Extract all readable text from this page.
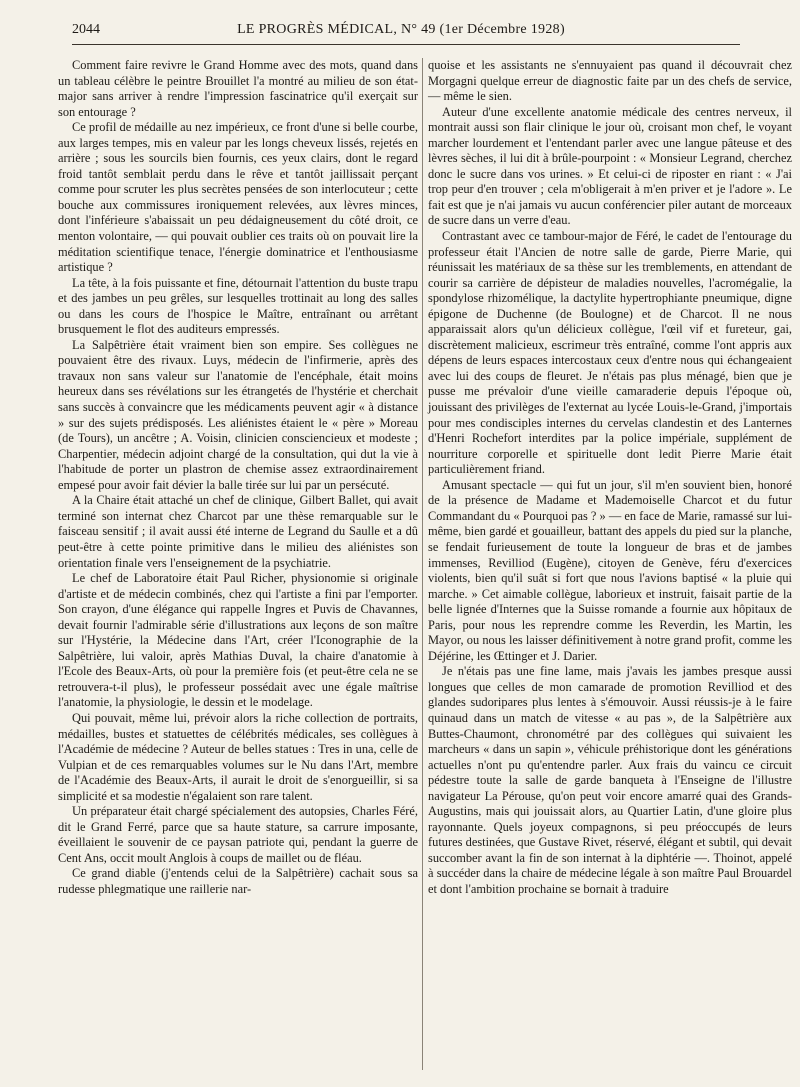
2044	LE PROGRÈS MÉDICAL, N° 49 (1er Décembre 1928)

Comment faire revivre le Grand Homme avec des mots, quand dans un tableau célèbre le peintre Brouillet l'a montré au milieu de son état-major sans arriver à rendre l'impression fascinatrice qu'il exerçait sur son entourage ?

Ce profil de médaille au nez impérieux, ce front d'une si belle courbe, aux larges tempes, mis en valeur par les longs cheveux lissés, rejetés en arrière ; sous les sourcils bien fournis, ces yeux clairs, dont le regard froid tantôt semblait perdu dans le rêve et tantôt jaillissait perçant comme pour scruter les plus secrètes pensées de son interlocuteur ; cette bouche aux commissures ironiquement relevées, aux lèvres minces, dont l'inférieure s'abaissait un peu dédaigneusement du côté droit, ce menton volontaire, — qui pouvait oublier ces traits où on pouvait lire la méditation scientifique tenace, l'énergie dominatrice et l'enthousiasme artistique ?

La tête, à la fois puissante et fine, détournait l'attention du buste trapu et des jambes un peu grêles, sur lesquelles trottinait au long des salles ou dans les cours de l'hospice le Maître, entraînant ou arrêtant brusquement le flot des auditeurs empressés.

La Salpêtrière était vraiment bien son empire. Ses collègues ne pouvaient être des rivaux. Luys, médecin de l'infirmerie, après des travaux non sans valeur sur l'anatomie de l'encéphale, était moins heureux dans ses révélations sur les étrangetés de l'hystérie et cherchait sans succès à convaincre que les médicaments peuvent agir « à distance » sur des sujets prédisposés. Les aliénistes étaient le « père » Moreau (de Tours), un ancêtre ; A. Voisin, clinicien consciencieux et modeste ; Charpentier, médecin adjoint chargé de la consultation, qui dut la vie à l'habitude de porter un plastron de chemise assez extraordinairement empesé pour avoir fait dévier la balle tirée sur lui par un persécuté.

A la Chaire était attaché un chef de clinique, Gilbert Ballet, qui avait terminé son internat chez Charcot par une thèse remarquable sur le faisceau sensitif ; il avait aussi été interne de Legrand du Saulle et a dû peut-être à cette pointe primitive dans le milieu des aliénistes son orientation finale vers l'enseignement de la psychiatrie.

Le chef de Laboratoire était Paul Richer, physionomie si originale d'artiste et de médecin combinés, chez qui l'artiste a fini par l'emporter. Son crayon, d'une élégance qui rappelle Ingres et Puvis de Chavannes, devait fournir l'admirable série d'illustrations aux leçons de son maître sur l'Hystérie, la Médecine dans l'Art, créer l'Iconographie de la Salpêtrière, lui valoir, après Mathias Duval, la chaire d'anatomie à l'Ecole des Beaux-Arts, où pour la première fois (et peut-être cela ne se retrouvera-t-il plus), le professeur possédait avec une égale maîtrise l'anatomie, la physiologie, le dessin et le modelage.

Qui pouvait, même lui, prévoir alors la riche collection de portraits, médailles, bustes et statuettes de célébrités médicales, ses collègues à l'Académie de médecine ? Auteur de belles statues : Tres in una, celle de Vulpian et de ces remarquables volumes sur le Nu dans l'Art, membre de l'Académie des Beaux-Arts, il aurait le droit de s'enorgueillir, si sa simplicité et sa modestie n'égalaient son rare talent.

Un préparateur était chargé spécialement des autopsies, Charles Féré, dit le Grand Ferré, parce que sa haute stature, sa carrure imposante, éveillaient le souvenir de ce paysan patriote qui, pendant la guerre de Cent Ans, occit moult Anglois à coups de maillet ou de fléau.

Ce grand diable (j'entends celui de la Salpêtrière) cachait sous sa rudesse phlegmatique une raillerie nar-

quoise et les assistants ne s'ennuyaient pas quand il découvrait chez Morgagni quelque erreur de diagnostic faite par un des chefs de service, — même le sien.

Auteur d'une excellente anatomie médicale des centres nerveux, il montrait aussi son flair clinique le jour où, croisant mon chef, le voyant marcher lourdement et l'entendant parler avec une langue pâteuse et des lèvres sèches, il lui dit à brûle-pourpoint : « Monsieur Legrand, cherchez donc le sucre dans vos urines. » Et celui-ci de riposter en riant : « J'ai trop peur d'en trouver ; cela m'obligerait à m'en priver et je l'adore ». Le fait est que je n'ai jamais vu aucun conférencier piler autant de morceaux de sucre dans un verre d'eau.

Contrastant avec ce tambour-major de Féré, le cadet de l'entourage du professeur était l'Ancien de notre salle de garde, Pierre Marie, qui réunissait les matériaux de sa thèse sur les tremblements, en attendant de courir sa carrière de dépisteur de maladies nouvelles, l'acromégalie, la spondylose rhizomélique, la dactylite hypertrophiante pneumique, digne épigone de Duchenne (de Boulogne) et de Charcot. Il ne nous apparaissait alors qu'un délicieux collègue, l'œil vif et fureteur, gai, discrètement malicieux, escrimeur très entraîné, comme l'ont appris aux dépens de leurs espaces intercostaux ceux d'entre nous qui échangeaient avec lui des coups de fleuret. Je n'étais pas plus ménagé, bien que je pusse me prévaloir d'une vieille camaraderie depuis l'époque où, jouissant des privilèges de l'externat au lycée Louis-le-Grand, j'importais pour mes condisciples internes du cervelas clandestin et des Lanternes d'Henri Rochefort interdites par la police impériale, supplément de nourriture corporelle et spirituelle dont ledit Pierre Marie était particulièrement friand.

Amusant spectacle — qui fut un jour, s'il m'en souvient bien, honoré de la présence de Madame et Mademoiselle Charcot et du futur Commandant du « Pourquoi pas ? » — en face de Marie, ramassé sur lui-même, bien gardé et gouailleur, battant des appels du pied sur la planche, se fendait furieusement de toute la longueur de bras et de jambes immenses, Revilliod (Eugène), citoyen de Genève, féru d'exercices violents, bien qu'il suât si fort que nous l'avions baptisé « la pluie qui marche. » Cet aimable collègue, laborieux et instruit, faisait partie de la belle lignée d'Internes que la Suisse romande a fournie aux hôpitaux de Paris, pour nous les reprendre comme les Reverdin, les Martin, les Mayor, ou nous les laisser définitivement à notre grand profit, comme les Déjérine, les Œttinger et J. Darier.

Je n'étais pas une fine lame, mais j'avais les jambes presque aussi longues que celles de mon camarade de promotion Revilliod et des glandes sudoripares plus lentes à s'émouvoir. Aussi réussis-je à le faire quinaud dans un match de vitesse « au pas », de la Salpêtrière aux Buttes-Chaumont, chronométré par des collègues qui suivaient les marcheurs « dans un sapin », véhicule préhistorique dont les générations actuelles n'ont pu qu'entendre parler. Aux frais du vaincu ce circuit pédestre toute la salle de garde banqueta à l'Enseigne de l'illustre navigateur La Pérouse, qu'on peut voir encore amarré quai des Grands-Augustins, mais qui jouissait alors, au Quartier Latin, d'une gloire plus rayonnante. Quels joyeux compagnons, si peu préoccupés de leurs futures destinées, que Gustave Rivet, réservé, élégant et subtil, qui devait succomber avant la fin de son internat à la diphtérie —. Thoinot, appelé à succéder dans la chaire de médecine légale à son maître Paul Brouardel et dont l'ambition prochaine se bornait à traduire
